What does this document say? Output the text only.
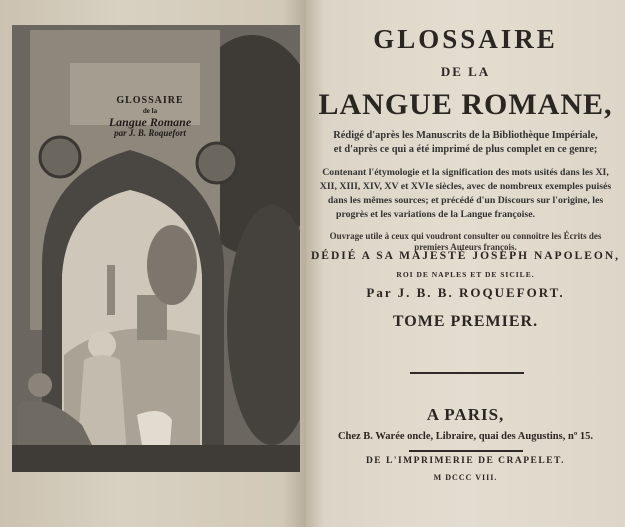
GLOSSAIRE
de la
Langue Romane
par J. B. Roquefort
GLOSSAIRE
DE LA
LANGUE ROMANE,
Rédigé d'après les Manuscrits de la Bibliothèque Impériale,
et d'après ce qui a été imprimé de plus complet en ce genre;
Contenant l'étymologie et la signification des mots usités dans les XI,
XII, XIII, XIV, XV et XVIe siècles, avec de nombreux exemples puisés
dans les mêmes sources; et précédé d'un Discours sur l'origine, les
progrès et les variations de la Langue françoise.
Ouvrage utile à ceux qui voudront consulter ou connoître les Écrits des
premiers Auteurs françois.
DÉDIÉ A SA MAJESTÉ JOSEPH NAPOLEON,
ROI DE NAPLES ET DE SICILE.
Par J. B. B. ROQUEFORT.
TOME PREMIER.
A PARIS,
Chez B. Warée oncle, Libraire, quai des Augustins, nº 15.
DE L'IMPRIMERIE DE CRAPELET.
M DCCC VIII.
